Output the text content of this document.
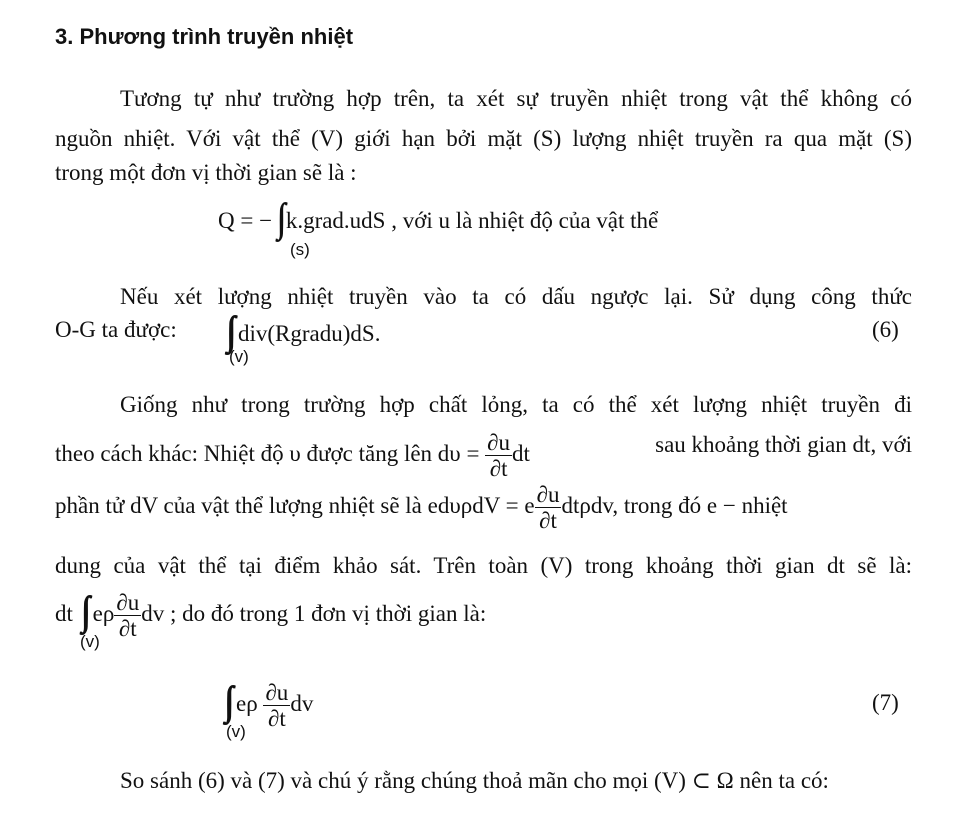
3. Phương trình truyền nhiệt
Tương tự như trường hợp trên, ta xét sự truyền nhiệt trong vật thể không có
nguồn nhiệt. Với vật thể (V) giới hạn bởi mặt (S) lượng nhiệt truyền ra qua mặt (S)
trong một đơn vị thời gian sẽ là :
Q = − k.grad.udS , với u là nhiệt độ của vật thể
(s)
Nếu xét lượng nhiệt truyền vào ta có dấu ngược lại. Sử dụng công thức
O-G ta được:	div(Rgradu)dS.
(v)
(6)
Giống như trong trường hợp chất lỏng, ta có thể xét lượng nhiệt truyền đi
theo cách khác: Nhiệt độ υ được tăng lên $d\upsilon = \frac{\partial u}{\partial t}$ dt	sau khoảng thời gian dt, với
phần tử dV của vật thể lượng nhiệt sẽ là edυρdV = e $\frac{\partial u}{\partial t} dt\rho dv$, trong đó e − nhiệt
dung của vật thể tại điểm khảo sát. Trên toàn (V) trong khoảng thời gian dt sẽ là:
dt eρ $\frac{\partial u}{\partial t}$ dv ; do đó trong 1 đơn vị thời gian là:
(v)
eρ $\frac{\partial u}{\partial t}$ dv
(v)
(7)
So sánh (6) và (7) và chú ý rằng chúng thoả mãn cho mọi (V) ⊂ Ω nên ta có:
